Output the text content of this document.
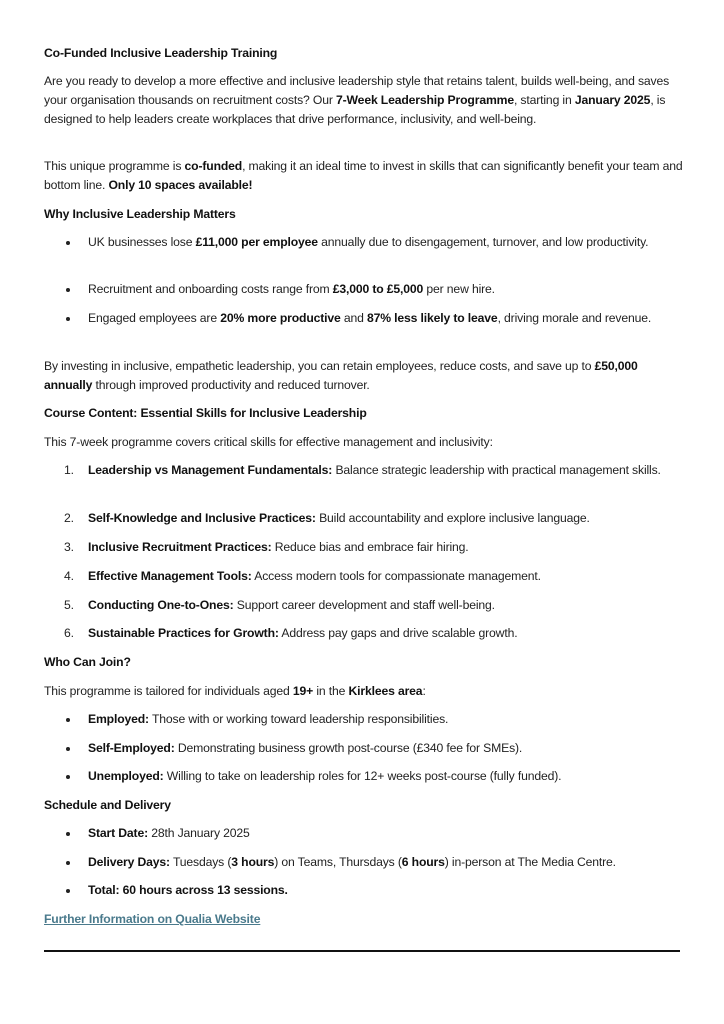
Co-Funded Inclusive Leadership Training
Are you ready to develop a more effective and inclusive leadership style that retains talent, builds well-being, and saves your organisation thousands on recruitment costs? Our 7-Week Leadership Programme, starting in January 2025, is designed to help leaders create workplaces that drive performance, inclusivity, and well-being.
This unique programme is co-funded, making it an ideal time to invest in skills that can significantly benefit your team and bottom line. Only 10 spaces available!
Why Inclusive Leadership Matters
UK businesses lose £11,000 per employee annually due to disengagement, turnover, and low productivity.
Recruitment and onboarding costs range from £3,000 to £5,000 per new hire.
Engaged employees are 20% more productive and 87% less likely to leave, driving morale and revenue.
By investing in inclusive, empathetic leadership, you can retain employees, reduce costs, and save up to £50,000 annually through improved productivity and reduced turnover.
Course Content: Essential Skills for Inclusive Leadership
This 7-week programme covers critical skills for effective management and inclusivity:
1.	Leadership vs Management Fundamentals: Balance strategic leadership with practical management skills.
2.	Self-Knowledge and Inclusive Practices: Build accountability and explore inclusive language.
3.	Inclusive Recruitment Practices: Reduce bias and embrace fair hiring.
4.	Effective Management Tools: Access modern tools for compassionate management.
5.	Conducting One-to-Ones: Support career development and staff well-being.
6.	Sustainable Practices for Growth: Address pay gaps and drive scalable growth.
Who Can Join?
This programme is tailored for individuals aged 19+ in the Kirklees area:
Employed: Those with or working toward leadership responsibilities.
Self-Employed: Demonstrating business growth post-course (£340 fee for SMEs).
Unemployed: Willing to take on leadership roles for 12+ weeks post-course (fully funded).
Schedule and Delivery
Start Date: 28th January 2025
Delivery Days: Tuesdays (3 hours) on Teams, Thursdays (6 hours) in-person at The Media Centre.
Total: 60 hours across 13 sessions.
Further Information on Qualia Website
